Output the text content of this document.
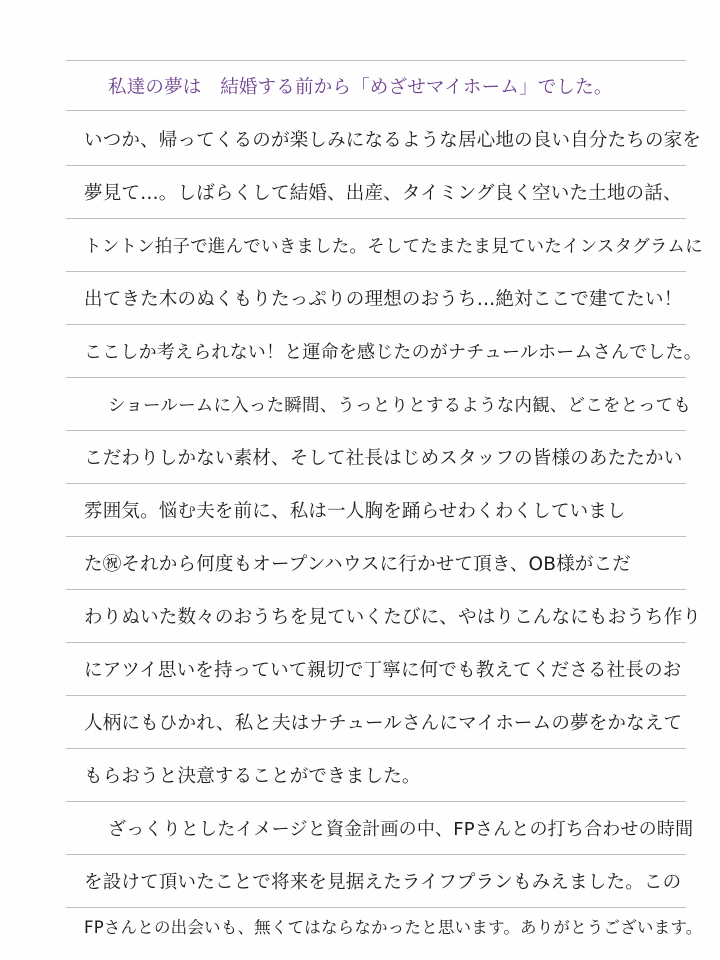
私達の夢は　結婚する前から「めざせマイホーム」でした。
いつか、帰ってくるのが楽しみになるような居心地の良い自分たちの家を
夢見て…。しばらくして結婚、出産、タイミング良く空いた土地の話、
トントン拍子で進んでいきました。そしてたまたま見ていたインスタグラムに
出てきた木のぬくもりたっぷりの理想のおうち…絶対ここで建てたい！
ここしか考えられない！と運命を感じたのがナチュールホームさんでした。
ショールームに入った瞬間、うっとりとするような内観、どこをとっても
こだわりしかない素材、そして社長はじめスタッフの皆様のあたたかい
雰囲気。悩む夫を前に、私は一人胸を踊らせわくわくしていまし
た㊗それから何度もオープンハウスに行かせて頂き、OB様がこだ
わりぬいた数々のおうちを見ていくたびに、やはりこんなにもおうち作り
にアツイ思いを持っていて親切で丁寧に何でも教えてくださる社長のお
人柄にもひかれ、私と夫はナチュールさんにマイホームの夢をかなえて
もらおうと決意することができました。
ざっくりとしたイメージと資金計画の中、FPさんとの打ち合わせの時間
を設けて頂いたことで将来を見据えたライフプランもみえました。この
FPさんとの出会いも、無くてはならなかったと思います。ありがとうございます。
